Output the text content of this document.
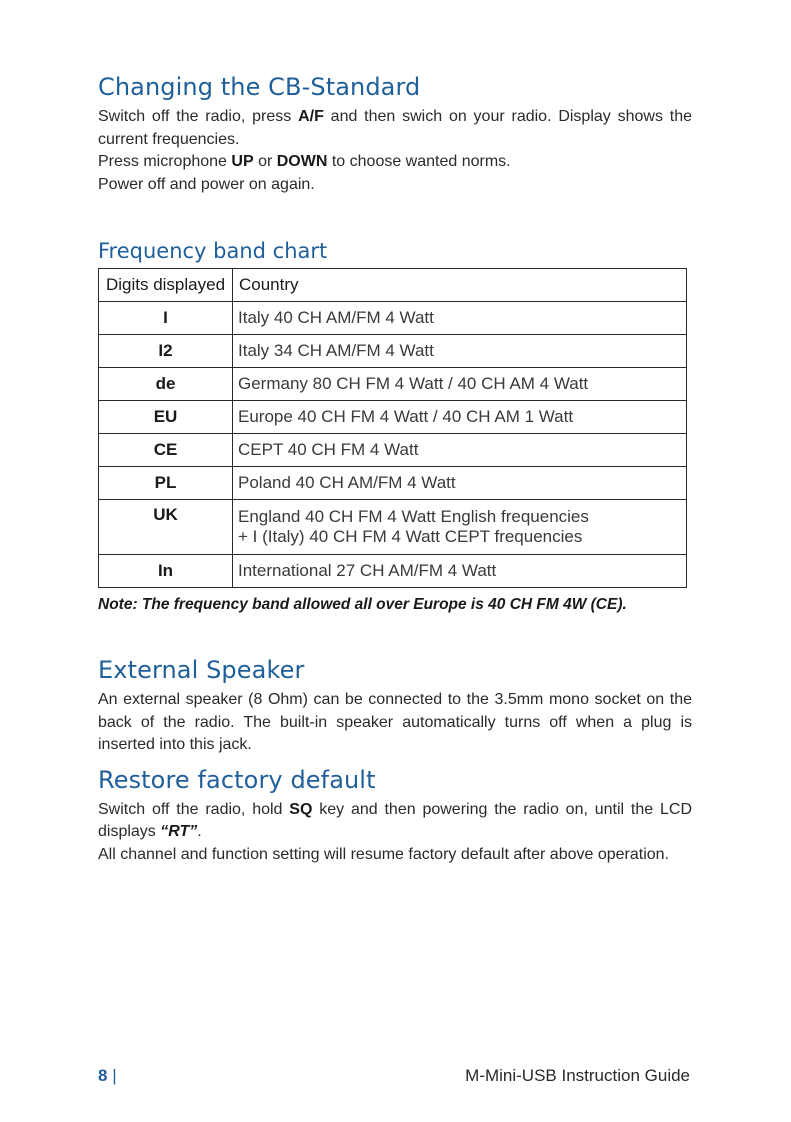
Changing the CB-Standard

Switch off the radio, press A/F and then swich on your radio. Display shows the current frequencies.

Press microphone UP or DOWN to choose wanted norms.

Power off and power on again.

Frequency band chart
Digits displayed	Country
I	Italy 40 CH AM/FM 4 Watt
I2	Italy 34 CH AM/FM 4 Watt
de	Germany 80 CH FM 4 Watt / 40 CH AM 4 Watt
EU	Europe 40 CH FM 4 Watt / 40 CH AM 1 Watt
CE	CEPT 40 CH FM 4 Watt
PL	Poland 40 CH AM/FM 4 Watt
UK	England 40 CH FM 4 Watt English frequencies
+ I (Italy) 40 CH FM 4 Watt CEPT frequencies

In	International 27 CH AM/FM 4 Watt
Note: The frequency band allowed all over Europe is 40 CH FM 4W (CE).
External Speaker

An external speaker (8 Ohm) can be connected to the 3.5mm mono socket on the back of the radio. The built-in speaker automatically turns off when a plug is inserted into this jack.

Restore factory default

Switch off the radio, hold SQ key and then powering the radio on, until the LCD displays “RT”.

All channel and function setting will resume factory default after above operation.

8 |	M-Mini-USB Instruction Guide
